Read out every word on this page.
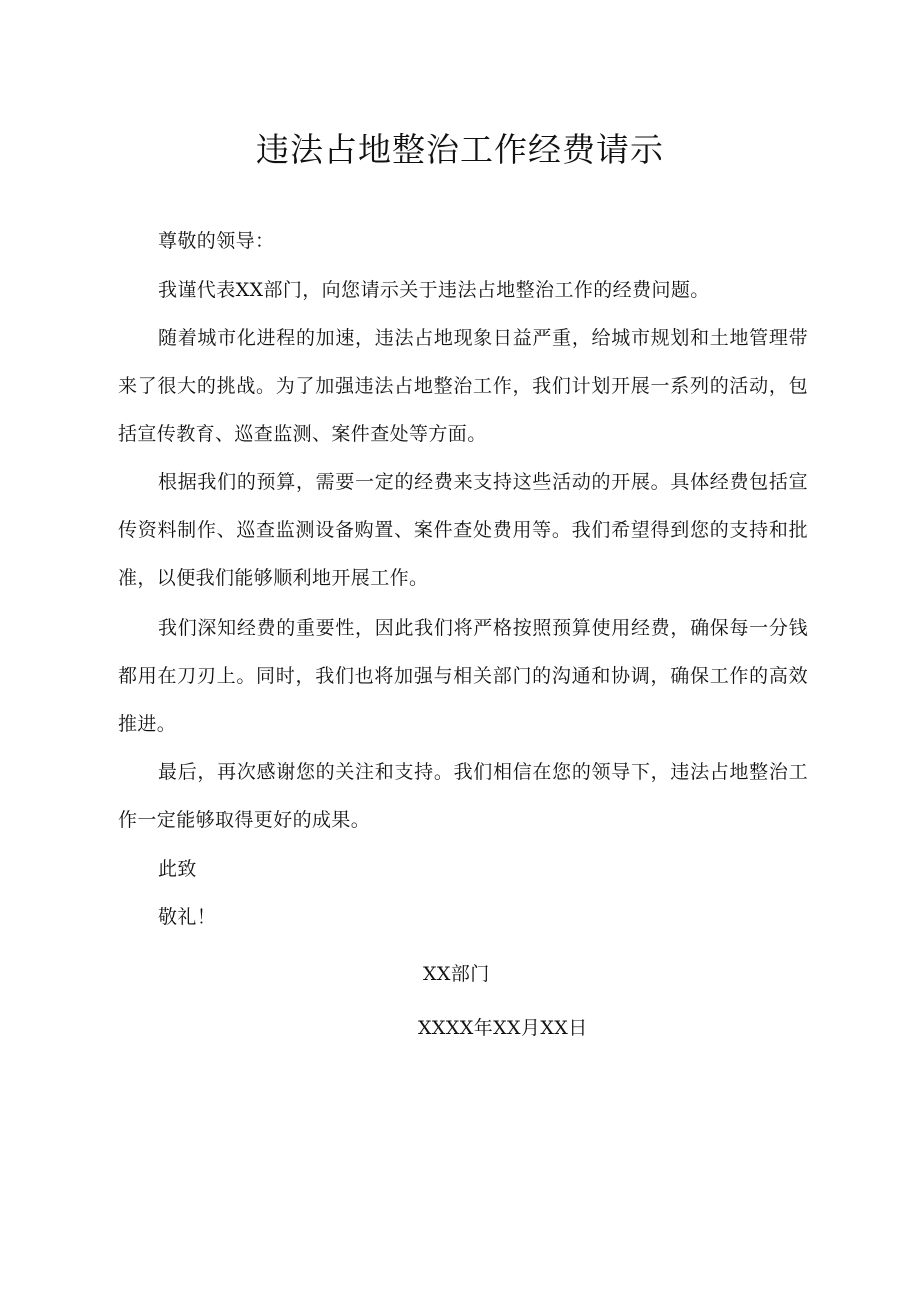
违法占地整治工作经费请示

尊敬的领导：

我谨代表XX部门，向您请示关于违法占地整治工作的经费问题。

随着城市化进程的加速，违法占地现象日益严重，给城市规划和土地管理带来了很大的挑战。为了加强违法占地整治工作，我们计划开展一系列的活动，包括宣传教育、巡查监测、案件查处等方面。

根据我们的预算，需要一定的经费来支持这些活动的开展。具体经费包括宣传资料制作、巡查监测设备购置、案件查处费用等。我们希望得到您的支持和批准，以便我们能够顺利地开展工作。

我们深知经费的重要性，因此我们将严格按照预算使用经费，确保每一分钱都用在刀刃上。同时，我们也将加强与相关部门的沟通和协调，确保工作的高效推进。

最后，再次感谢您的关注和支持。我们相信在您的领导下，违法占地整治工作一定能够取得更好的成果。

此致

敬礼！

XX部门
XXXX年XX月XX日
